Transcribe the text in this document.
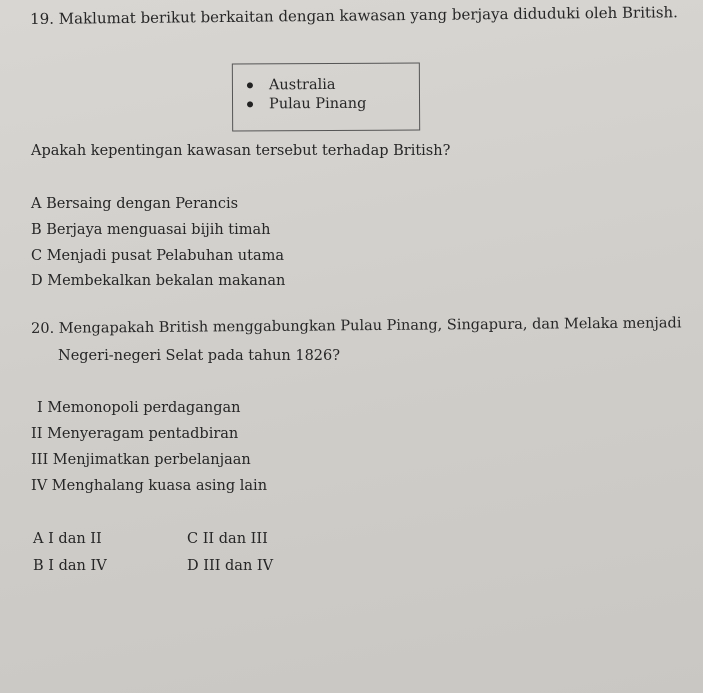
19. Maklumat berikut berkaitan dengan kawasan yang berjaya diduduki oleh British.
Australia
Pulau Pinang
Apakah kepentingan kawasan tersebut terhadap British?
A Bersaing dengan Perancis
B Berjaya menguasai bijih timah
C Menjadi pusat Pelabuhan utama
D Membekalkan bekalan makanan
20. Mengapakah British menggabungkan Pulau Pinang, Singapura, dan Melaka menjadi
Negeri-negeri Selat pada tahun 1826?
I Memonopoli perdagangan
II Menyeragam pentadbiran
III Menjimatkan perbelanjaan
IV Menghalang kuasa asing lain
A I dan II	C II dan III
B I dan IV	D III dan IV
